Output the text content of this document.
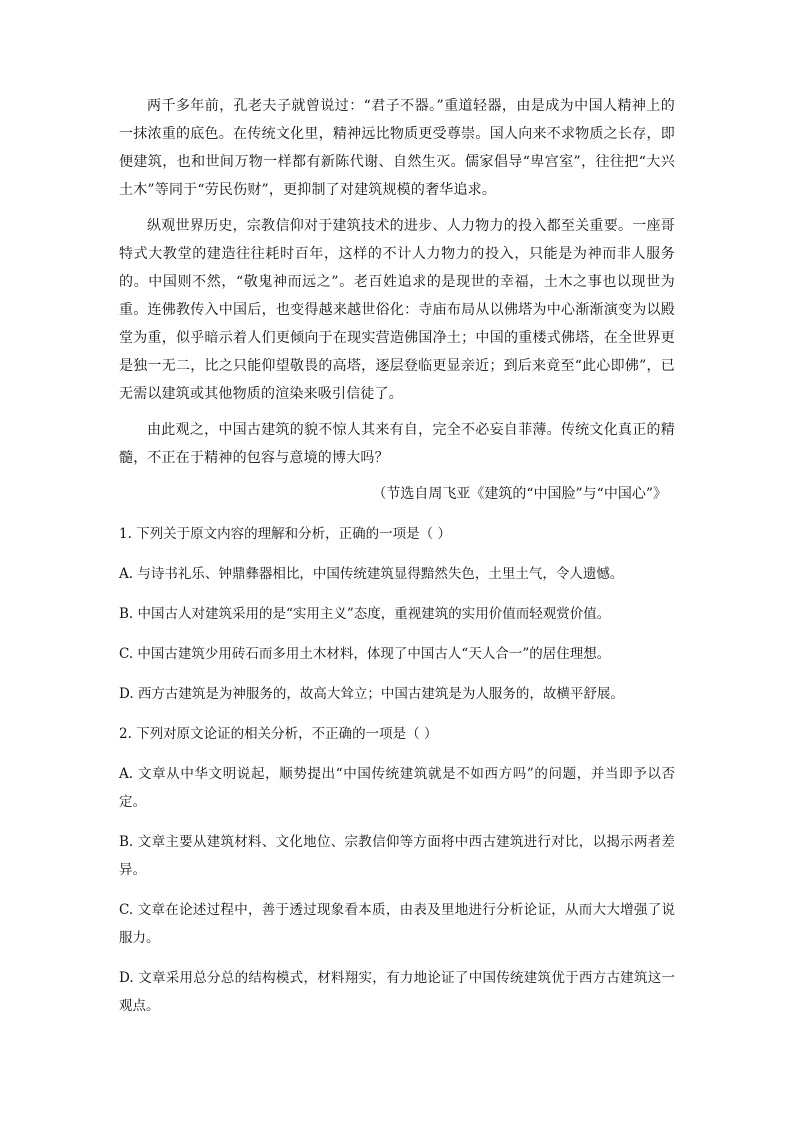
两千多年前，孔老夫子就曾说过：“君子不器。”重道轻器，由是成为中国人精神上的一抹浓重的底色。在传统文化里，精神远比物质更受尊崇。国人向来不求物质之长存，即便建筑，也和世间万物一样都有新陈代谢、自然生灭。儒家倡导“卑宫室”，往往把“大兴土木”等同于“劳民伤财”，更抑制了对建筑规模的奢华追求。

纵观世界历史，宗教信仰对于建筑技术的进步、人力物力的投入都至关重要。一座哥特式大教堂的建造往往耗时百年，这样的不计人力物力的投入，只能是为神而非人服务的。中国则不然，“敬鬼神而远之”。老百姓追求的是现世的幸福，土木之事也以现世为重。连佛教传入中国后，也变得越来越世俗化：寺庙布局从以佛塔为中心渐渐演变为以殿堂为重，似乎暗示着人们更倾向于在现实营造佛国净土；中国的重楼式佛塔，在全世界更是独一无二，比之只能仰望敬畏的高塔，逐层登临更显亲近；到后来竟至“此心即佛”，已无需以建筑或其他物质的渲染来吸引信徒了。

由此观之，中国古建筑的貌不惊人其来有自，完全不必妄自菲薄。传统文化真正的精髓，不正在于精神的包容与意境的博大吗？

（节选自周飞亚《建筑的“中国脸”与“中国心”》

1. 下列关于原文内容的理解和分析，正确的一项是（ ）

A. 与诗书礼乐、钟鼎彝器相比，中国传统建筑显得黯然失色，土里土气，令人遗憾。

B. 中国古人对建筑采用的是“实用主义”态度，重视建筑的实用价值而轻观赏价值。

C. 中国古建筑少用砖石而多用土木材料，体现了中国古人“天人合一”的居住理想。

D. 西方古建筑是为神服务的，故高大耸立；中国古建筑是为人服务的，故横平舒展。

2. 下列对原文论证的相关分析，不正确的一项是（ ）

A. 文章从中华文明说起，顺势提出“中国传统建筑就是不如西方吗”的问题，并当即予以否定。

B. 文章主要从建筑材料、文化地位、宗教信仰等方面将中西古建筑进行对比，以揭示两者差异。

C. 文章在论述过程中，善于透过现象看本质，由表及里地进行分析论证，从而大大增强了说服力。

D. 文章采用总分总的结构模式，材料翔实，有力地论证了中国传统建筑优于西方古建筑这一观点。
